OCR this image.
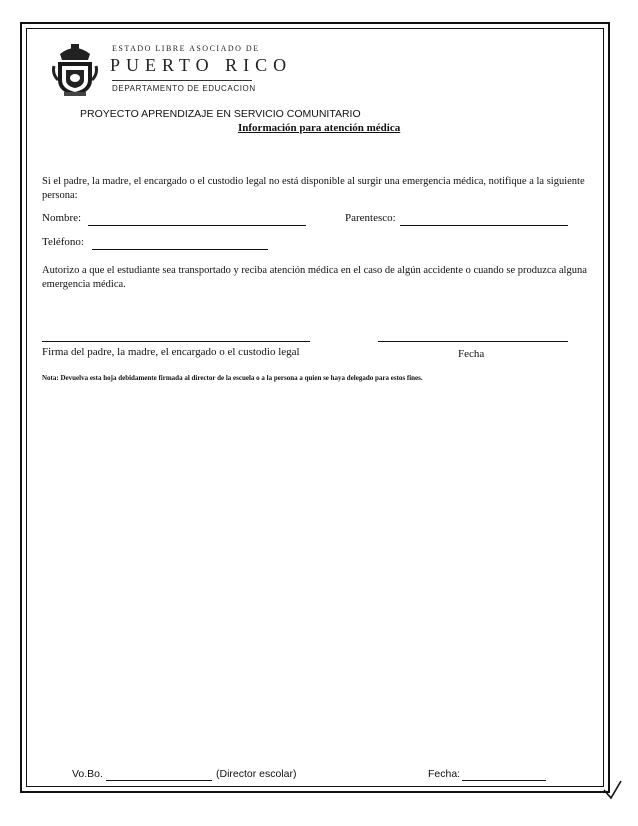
ESTADO LIBRE ASOCIADO DE
PUERTO RICO
DEPARTAMENTO DE EDUCACION
PROYECTO APRENDIZAJE EN SERVICIO COMUNITARIO
Información para atención médica
Si el padre, la madre, el encargado o el custodio legal no está disponible al surgir una emergencia médica, notifique a la siguiente persona:
Nombre:	Parentesco:
Teléfono:
Autorizo a que el estudiante sea transportado y reciba atención médica en el caso de algún accidente o cuando se produzca alguna emergencia médica.
Firma del padre, la madre, el encargado o el custodio legal	Fecha
Nota: Devuelva esta hoja debidamente firmada al director de la escuela o a la persona a quien se haya delegado para estos fines.
Vo.Bo.	(Director escolar)	Fecha:
